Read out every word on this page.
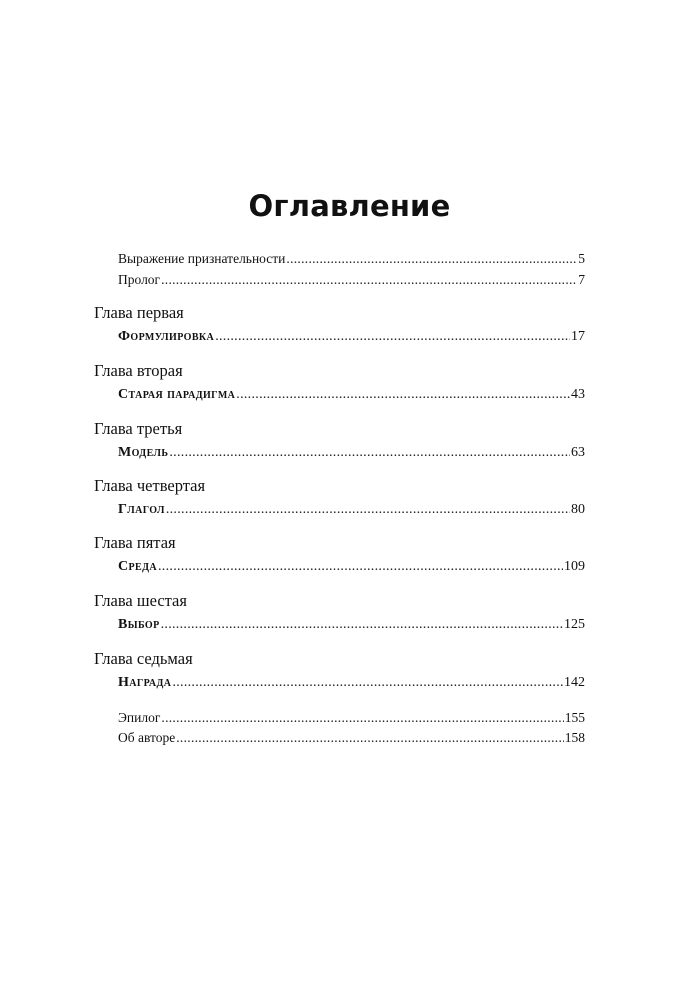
Оглавление
Выражение признательности .....	5
Пролог .....	7
Глава первая
Формулировка .....	17
Глава вторая
Старая парадигма .....	43
Глава третья
Модель .....	63
Глава четвертая
Глагол .....	80
Глава пятая
Среда .....	109
Глава шестая
Выбор .....	125
Глава седьмая
Награда .....	142
Эпилог .....	155
Об авторе .....	158
